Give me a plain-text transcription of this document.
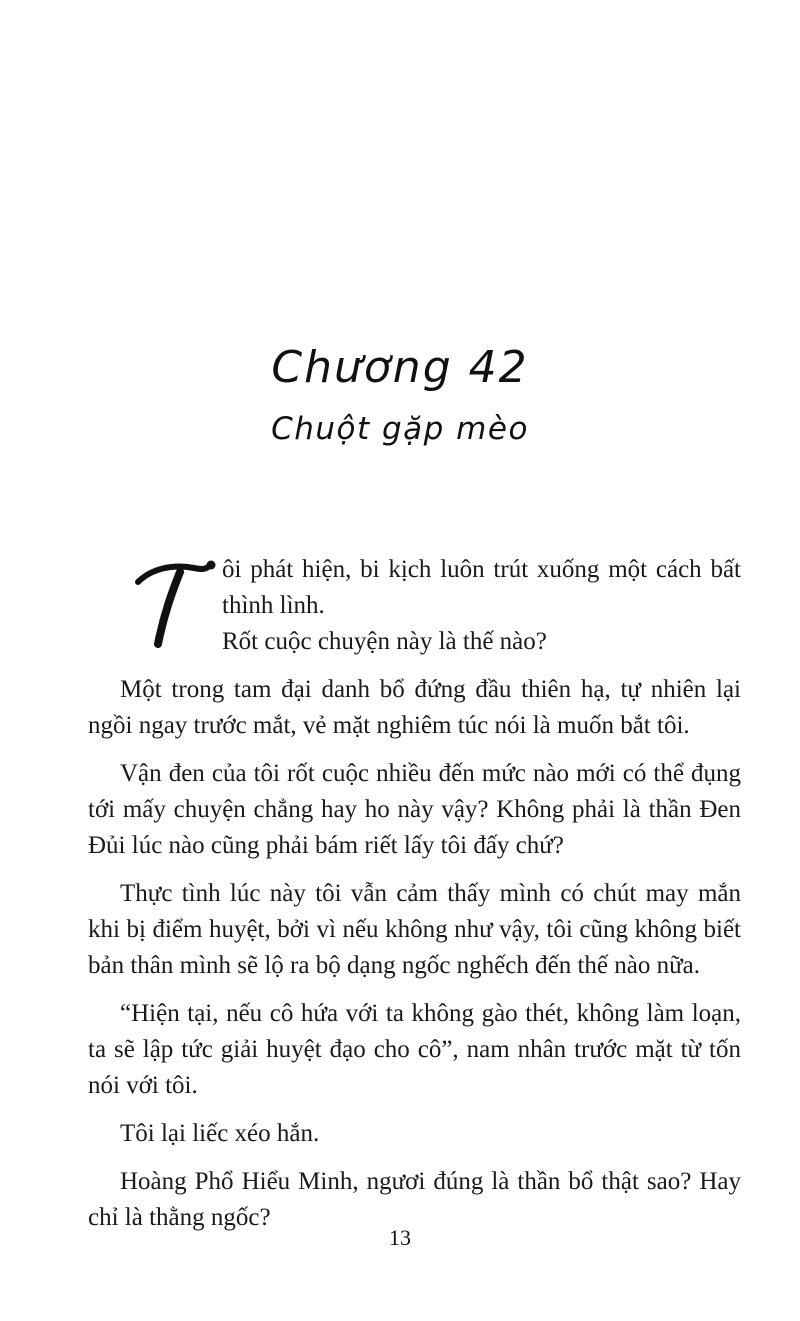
Chương 42
Chuột gặp mèo

ôi phát hiện, bi kịch luôn trút xuống một cách bất thình lình.

Rốt cuộc chuyện này là thế nào?

Một trong tam đại danh bổ đứng đầu thiên hạ, tự nhiên lại ngồi ngay trước mắt, vẻ mặt nghiêm túc nói là muốn bắt tôi.

Vận đen của tôi rốt cuộc nhiều đến mức nào mới có thể đụng tới mấy chuyện chẳng hay ho này vậy? Không phải là thần Đen Đủi lúc nào cũng phải bám riết lấy tôi đấy chứ?

Thực tình lúc này tôi vẫn cảm thấy mình có chút may mắn khi bị điểm huyệt, bởi vì nếu không như vậy, tôi cũng không biết bản thân mình sẽ lộ ra bộ dạng ngốc nghếch đến thế nào nữa.

“Hiện tại, nếu cô hứa với ta không gào thét, không làm loạn, ta sẽ lập tức giải huyệt đạo cho cô”, nam nhân trước mặt từ tốn nói với tôi.

Tôi lại liếc xéo hắn.

Hoàng Phổ Hiểu Minh, ngươi đúng là thần bổ thật sao? Hay chỉ là thằng ngốc?

13
